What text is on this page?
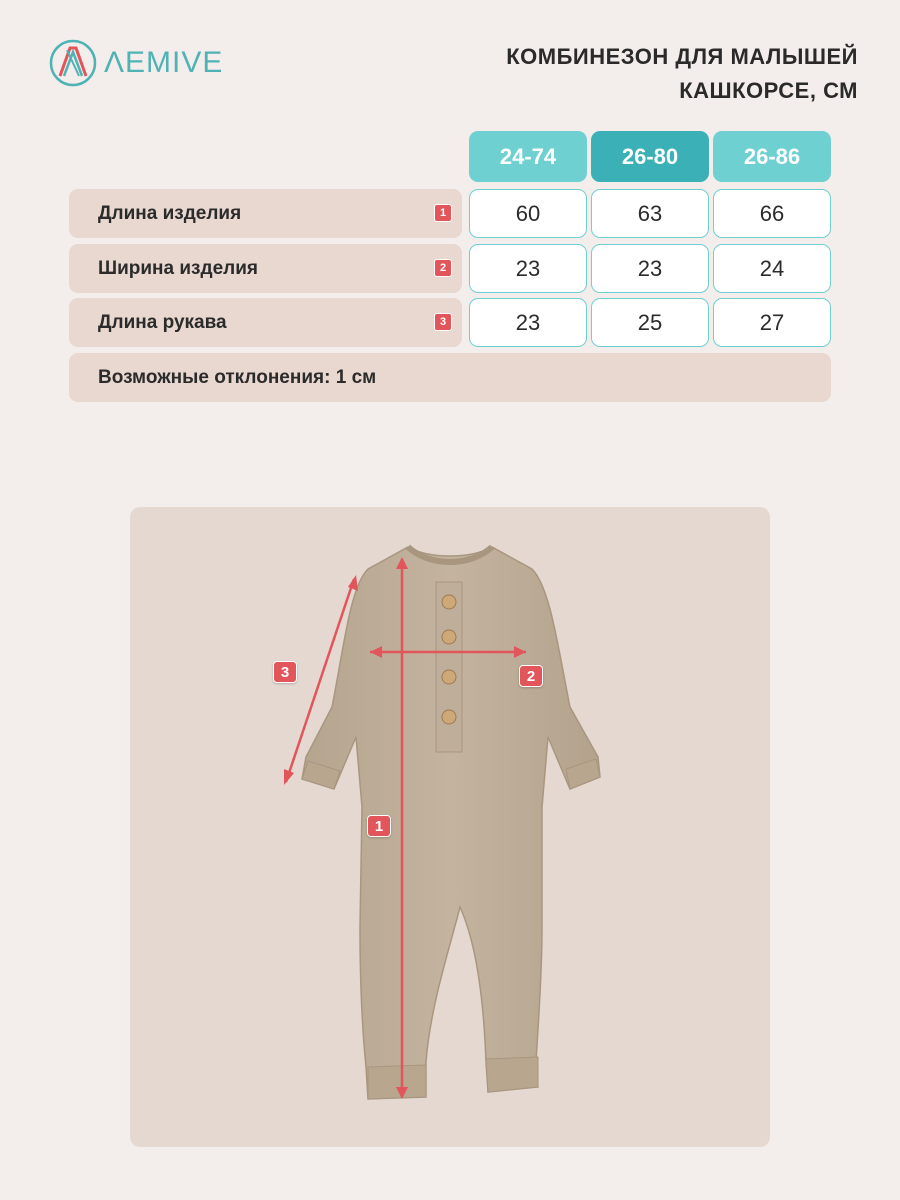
ΛEMIVE	КОМБИНЕЗОН ДЛЯ МАЛЫШЕЙ
КАШКОРСЕ, СМ
24-74	26-80	26-86
Длина изделия	1	60	63	66
Ширина изделия	2	23	23	24
Длина рукава	3	23	25	27
Возможные отклонения: 1 см
1
2
3
